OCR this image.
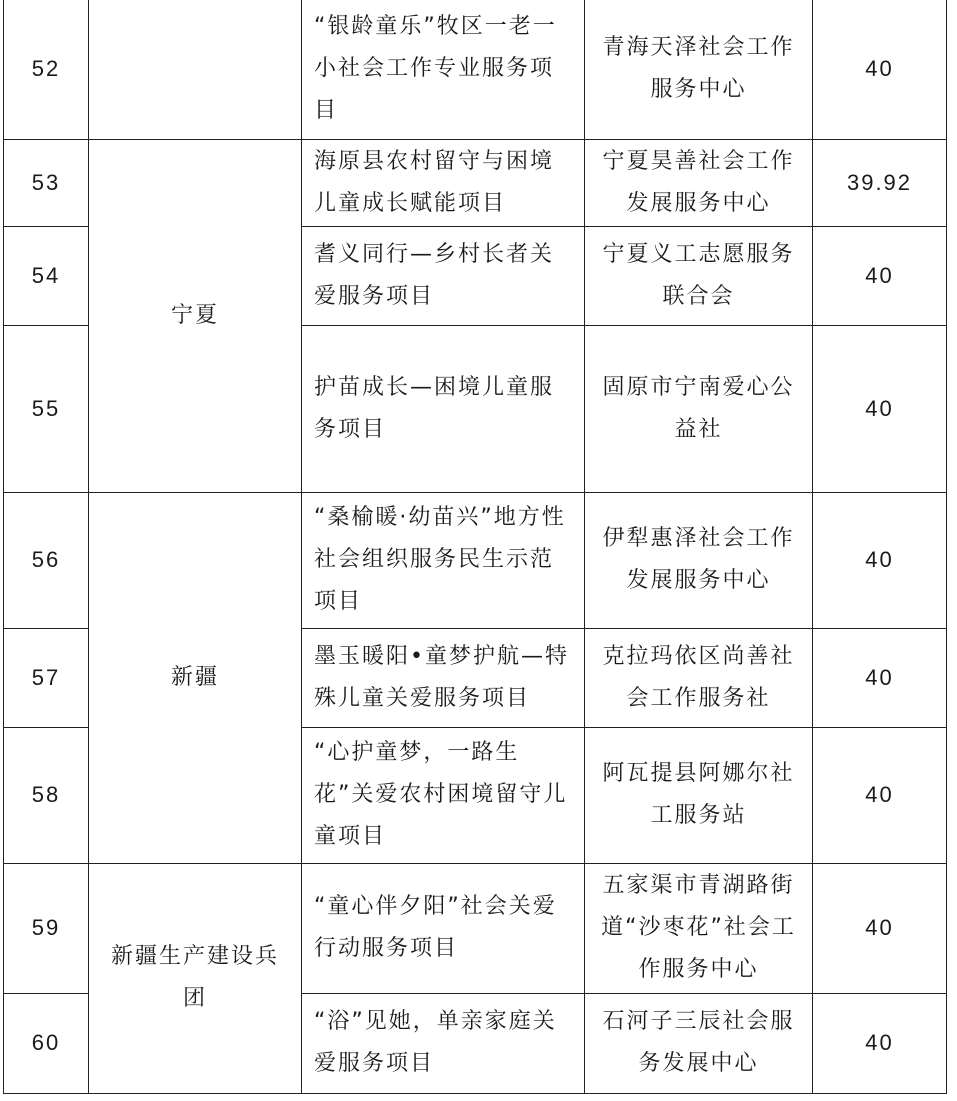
52		“银龄童乐”牧区一老一小社会工作专业服务项目	青海天泽社会工作服务中心	40
53	宁夏	海原县农村留守与困境儿童成长赋能项目	宁夏昊善社会工作发展服务中心	39.92
54		耆义同行—乡村长者关爱服务项目	宁夏义工志愿服务联合会	40
55		护苗成长—困境儿童服务项目	固原市宁南爱心公益社	40
56	新疆	“桑榆暖·幼苗兴”地方性社会组织服务民生示范项目	伊犁惠泽社会工作发展服务中心	40
57		墨玉暖阳•童梦护航—特殊儿童关爱服务项目	克拉玛依区尚善社会工作服务社	40
58		“心护童梦，一路生花”关爱农村困境留守儿童项目	阿瓦提县阿娜尔社工服务站	40
59	新疆生产建设兵团	“童心伴夕阳”社会关爱行动服务项目	五家渠市青湖路街道“沙枣花”社会工作服务中心	40
60		“浴”见她，单亲家庭关爱服务项目	石河子三辰社会服务发展中心	40
